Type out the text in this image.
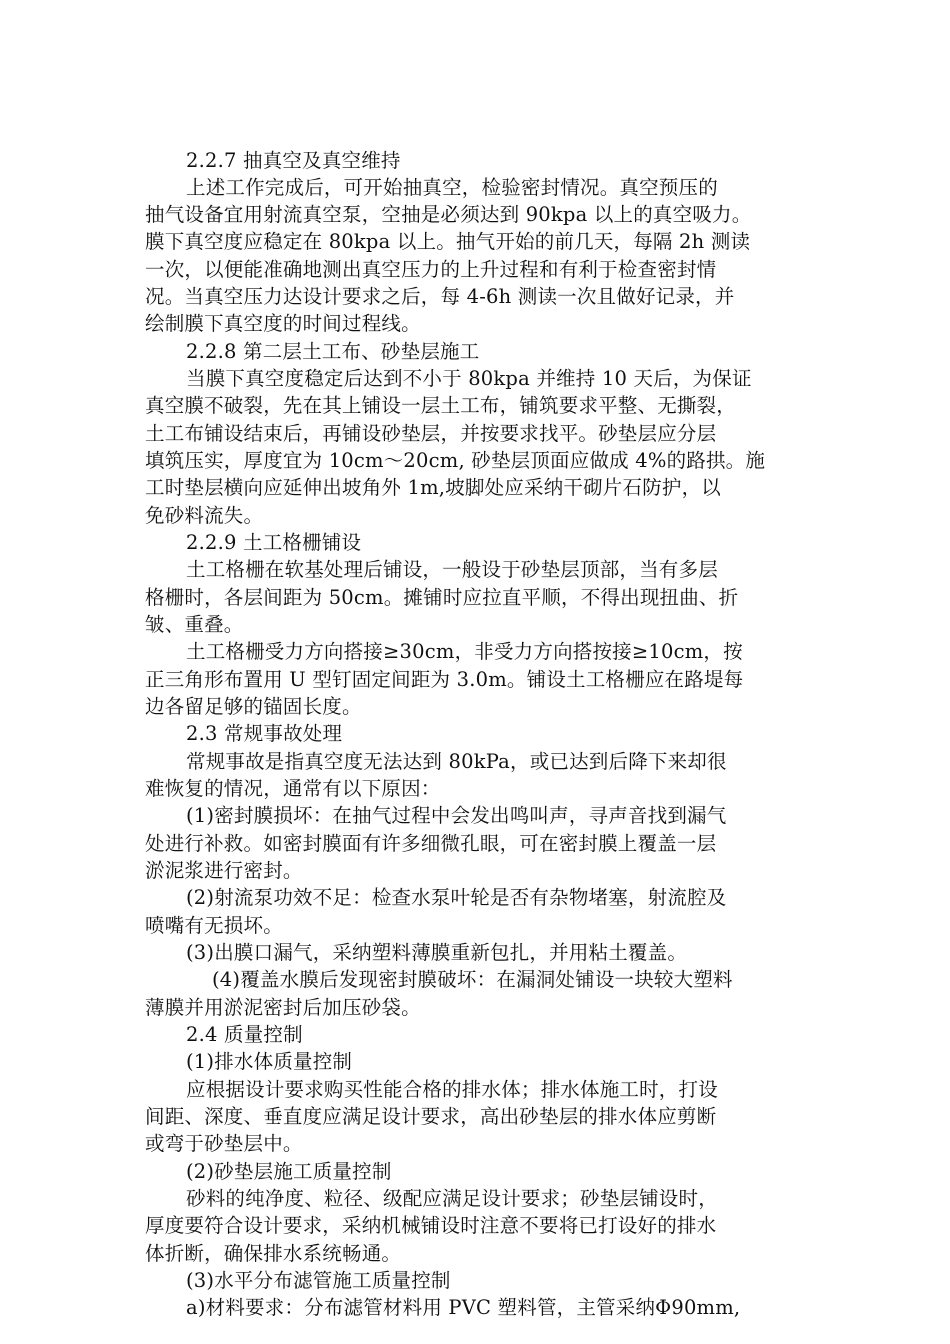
2.2.7 抽真空及真空维持
上述工作完成后，可开始抽真空，检验密封情况。真空预压的
抽气设备宜用射流真空泵，空抽是必须达到 90kpa 以上的真空吸力。
膜下真空度应稳定在 80kpa 以上。抽气开始的前几天，每隔 2h 测读
一次，以便能准确地测出真空压力的上升过程和有利于检查密封情
况。当真空压力达设计要求之后，每 4-6h 测读一次且做好记录，并
绘制膜下真空度的时间过程线。
2.2.8 第二层土工布、砂垫层施工
当膜下真空度稳定后达到不小于 80kpa 并维持 10 天后，为保证
真空膜不破裂，先在其上铺设一层土工布，铺筑要求平整、无撕裂，
土工布铺设结束后，再铺设砂垫层，并按要求找平。砂垫层应分层
填筑压实，厚度宜为 10cm～20cm, 砂垫层顶面应做成 4%的路拱。施
工时垫层横向应延伸出坡角外 1m,坡脚处应采纳干砌片石防护，以
免砂料流失。
2.2.9 土工格栅铺设
土工格栅在软基处理后铺设，一般设于砂垫层顶部，当有多层
格栅时，各层间距为 50cm。摊铺时应拉直平顺，不得出现扭曲、折
皱、重叠。
土工格栅受力方向搭接≥30cm，非受力方向搭按接≥10cm，按
正三角形布置用 U 型钉固定间距为 3.0m。铺设土工格栅应在路堤每
边各留足够的锚固长度。
2.3 常规事故处理
常规事故是指真空度无法达到 80kPa，或已达到后降下来却很
难恢复的情况，通常有以下原因：
(1)密封膜损坏：在抽气过程中会发出鸣叫声，寻声音找到漏气
处进行补救。如密封膜面有许多细微孔眼，可在密封膜上覆盖一层
淤泥浆进行密封。
(2)射流泵功效不足：检查水泵叶轮是否有杂物堵塞，射流腔及
喷嘴有无损坏。
(3)出膜口漏气，采纳塑料薄膜重新包扎，并用粘土覆盖。
(4)覆盖水膜后发现密封膜破坏：在漏洞处铺设一块较大塑料
薄膜并用淤泥密封后加压砂袋。
2.4 质量控制
(1)排水体质量控制
应根据设计要求购买性能合格的排水体；排水体施工时，打设
间距、深度、垂直度应满足设计要求，高出砂垫层的排水体应剪断
或弯于砂垫层中。
(2)砂垫层施工质量控制
砂料的纯净度、粒径、级配应满足设计要求；砂垫层铺设时，
厚度要符合设计要求，采纳机械铺设时注意不要将已打设好的排水
体折断，确保排水系统畅通。
(3)水平分布滤管施工质量控制
a)材料要求：分布滤管材料用 PVC 塑料管，主管采纳Φ90mm,
